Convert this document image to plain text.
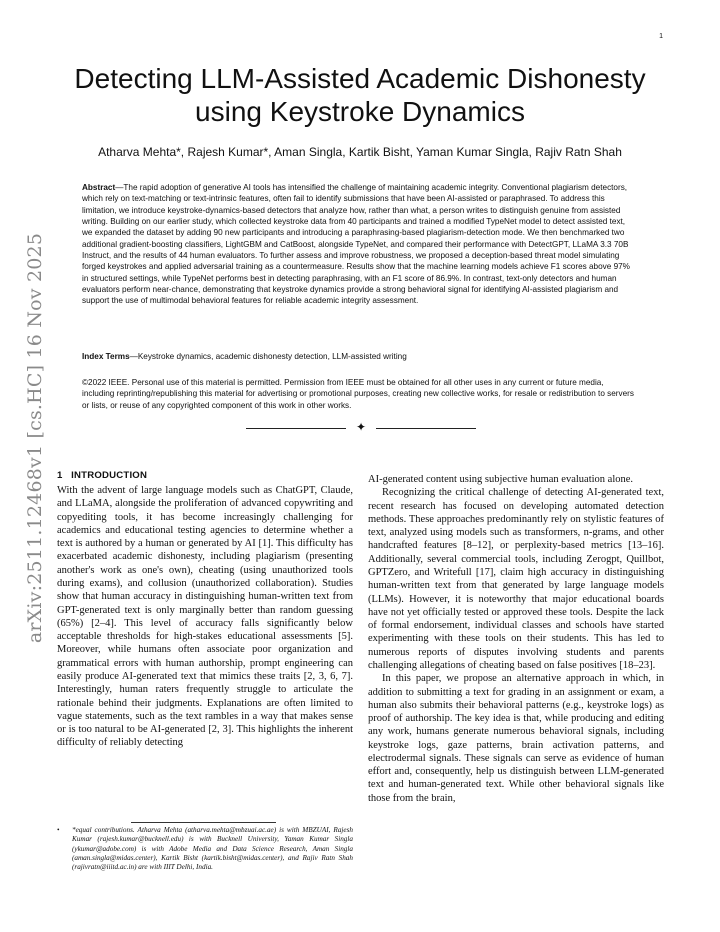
1
arXiv:2511.12468v1 [cs.HC] 16 Nov 2025
Detecting LLM-Assisted Academic Dishonesty using Keystroke Dynamics
Atharva Mehta*, Rajesh Kumar*, Aman Singla, Kartik Bisht, Yaman Kumar Singla, Rajiv Ratn Shah
Abstract—The rapid adoption of generative AI tools has intensified the challenge of maintaining academic integrity. Conventional plagiarism detectors, which rely on text-matching or text-intrinsic features, often fail to identify submissions that have been AI-assisted or paraphrased. To address this limitation, we introduce keystroke-dynamics-based detectors that analyze how, rather than what, a person writes to distinguish genuine from assisted writing. Building on our earlier study, which collected keystroke data from 40 participants and trained a modified TypeNet model to detect assisted text, we expanded the dataset by adding 90 new participants and introducing a paraphrasing-based plagiarism-detection mode. We then benchmarked two additional gradient-boosting classifiers, LightGBM and CatBoost, alongside TypeNet, and compared their performance with DetectGPT, LLaMA 3.3 70B Instruct, and the results of 44 human evaluators. To further assess and improve robustness, we proposed a deception-based threat model simulating forged keystrokes and applied adversarial training as a countermeasure. Results show that the machine learning models achieve F1 scores above 97% in structured settings, while TypeNet performs best in detecting paraphrasing, with an F1 score of 86.9%. In contrast, text-only detectors and human evaluators perform near-chance, demonstrating that keystroke dynamics provide a strong behavioral signal for identifying AI-assisted plagiarism and support the use of multimodal behavioral features for reliable academic integrity assessment.
Index Terms—Keystroke dynamics, academic dishonesty detection, LLM-assisted writing
©2022 IEEE. Personal use of this material is permitted. Permission from IEEE must be obtained for all other uses in any current or future media, including reprinting/republishing this material for advertising or promotional purposes, creating new collective works, for resale or redistribution to servers or lists, or reuse of any copyrighted component of this work in other works.
✦
1 INTRODUCTION

With the advent of large language models such as ChatGPT, Claude, and LLaMA, alongside the proliferation of advanced copywriting and copyediting tools, it has become increasingly challenging for academics and educational testing agencies to determine whether a text is authored by a human or generated by AI [1]. This difficulty has exacerbated academic dishonesty, including plagiarism (presenting another's work as one's own), cheating (using unauthorized tools during exams), and collusion (unauthorized collaboration). Studies show that human accuracy in distinguishing human-written text from GPT-generated text is only marginally better than random guessing (65%) [2–4]. This level of accuracy falls significantly below acceptable thresholds for high-stakes educational assessments [5]. Moreover, while humans often associate poor organization and grammatical errors with human authorship, prompt engineering can easily produce AI-generated text that mimics these traits [2, 3, 6, 7]. Interestingly, human raters frequently struggle to articulate the rationale behind their judgments. Explanations are often limited to vague statements, such as the text rambles in a way that makes sense or is too natural to be AI-generated [2, 3]. This highlights the inherent difficulty of reliably detecting

AI-generated content using subjective human evaluation alone.

Recognizing the critical challenge of detecting AI-generated text, recent research has focused on developing automated detection methods. These approaches predominantly rely on stylistic features of text, analyzed using models such as transformers, n-grams, and other handcrafted features [8–12], or perplexity-based metrics [13–16]. Additionally, several commercial tools, including Zerogpt, Quillbot, GPTZero, and Writefull [17], claim high accuracy in distinguishing human-written text from that generated by large language models (LLMs). However, it is noteworthy that major educational boards have not yet officially tested or approved these tools. Despite the lack of formal endorsement, individual classes and schools have started experimenting with these tools on their students. This has led to numerous reports of disputes involving students and parents challenging allegations of cheating based on false positives [18–23].

In this paper, we propose an alternative approach in which, in addition to submitting a text for grading in an assignment or exam, a human also submits their behavioral patterns (e.g., keystroke logs) as proof of authorship. The key idea is that, while producing and editing any work, humans generate numerous behavioral signals, including keystroke logs, gaze patterns, brain activation patterns, and electrodermal signals. These signals can serve as evidence of human effort and, consequently, help us distinguish between LLM-generated text and human-generated text. While other behavioral signals like those from the brain,

•	*equal contributions. Atharva Mehta (atharva.mehta@mbzuai.ac.ae) is with MBZUAI, Rajesh Kumar (rajesh.kumar@bucknell.edu) is with Bucknell University, Yaman Kumar Singla (ykumar@adobe.com) is with Adobe Media and Data Science Research, Aman Singla (aman.singla@midas.center), Kartik Bisht (kartik.bisht@midas.center), and Rajiv Ratn Shah (rajivratn@iiitd.ac.in) are with IIIT Delhi, India.
